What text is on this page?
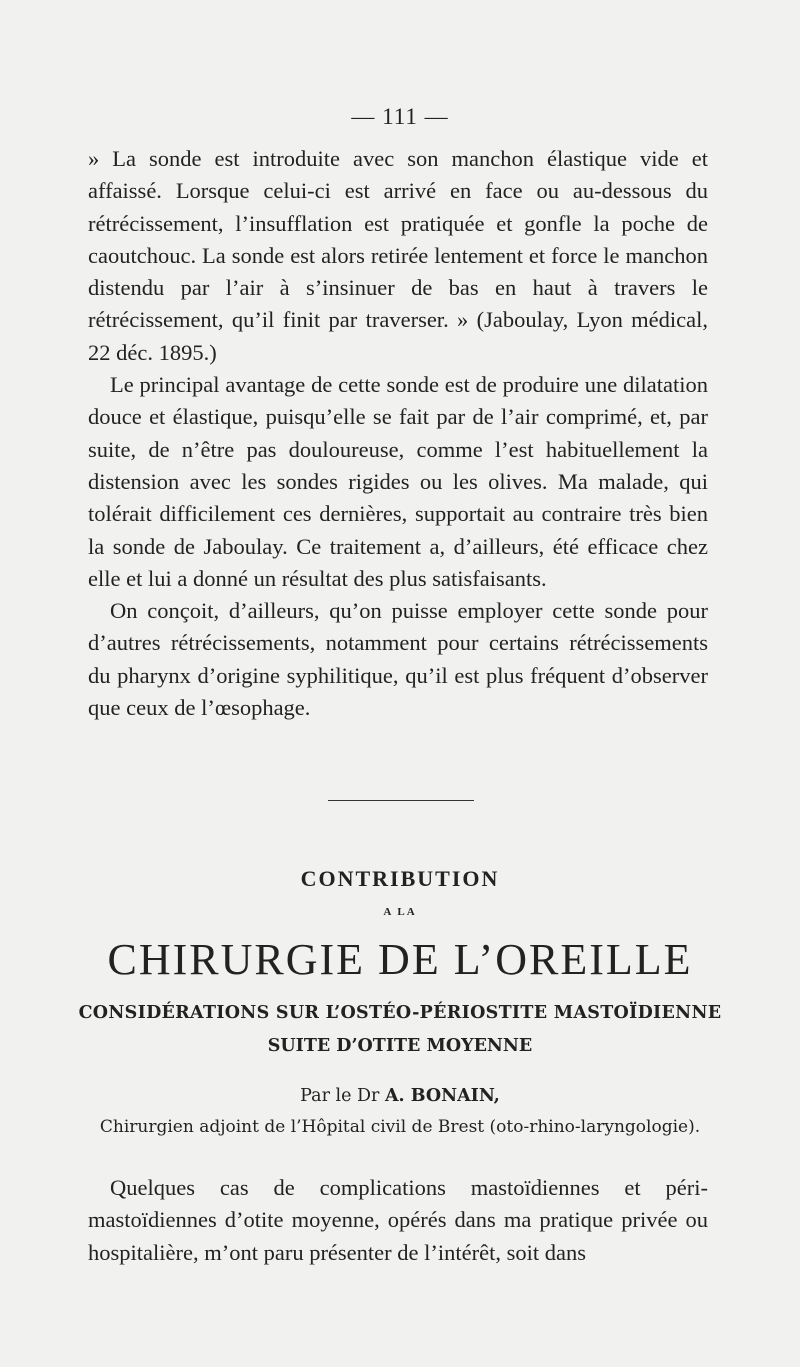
— 111 —

» La sonde est introduite avec son manchon élastique vide et affaissé. Lorsque celui-ci est arrivé en face ou au-dessous du rétrécissement, l’insufflation est pratiquée et gonfle la poche de caoutchouc. La sonde est alors retirée lentement et force le manchon distendu par l’air à s’insinuer de bas en haut à travers le rétrécissement, qu’il finit par traverser. » (Jaboulay, Lyon médical, 22 déc. 1895.)

Le principal avantage de cette sonde est de produire une dilatation douce et élastique, puisqu’elle se fait par de l’air comprimé, et, par suite, de n’être pas douloureuse, comme l’est habituellement la distension avec les sondes rigides ou les olives. Ma malade, qui tolérait difficilement ces dernières, supportait au contraire très bien la sonde de Jaboulay. Ce traitement a, d’ailleurs, été efficace chez elle et lui a donné un résultat des plus satisfaisants.

On conçoit, d’ailleurs, qu’on puisse employer cette sonde pour d’autres rétrécissements, notamment pour certains rétrécissements du pharynx d’origine syphilitique, qu’il est plus fréquent d’observer que ceux de l’œsophage.

CONTRIBUTION
A LA
CHIRURGIE DE L’OREILLE
CONSIDÉRATIONS SUR L’OSTÉO-PÉRIOSTITE MASTOÏDIENNE
SUITE D’OTITE MOYENNE
Par le Dr A. BONAIN,
Chirurgien adjoint de l’Hôpital civil de Brest (oto-rhino-laryngologie).

Quelques cas de complications mastoïdiennes et péri-mastoïdiennes d’otite moyenne, opérés dans ma pratique privée ou hospitalière, m’ont paru présenter de l’intérêt, soit dans
